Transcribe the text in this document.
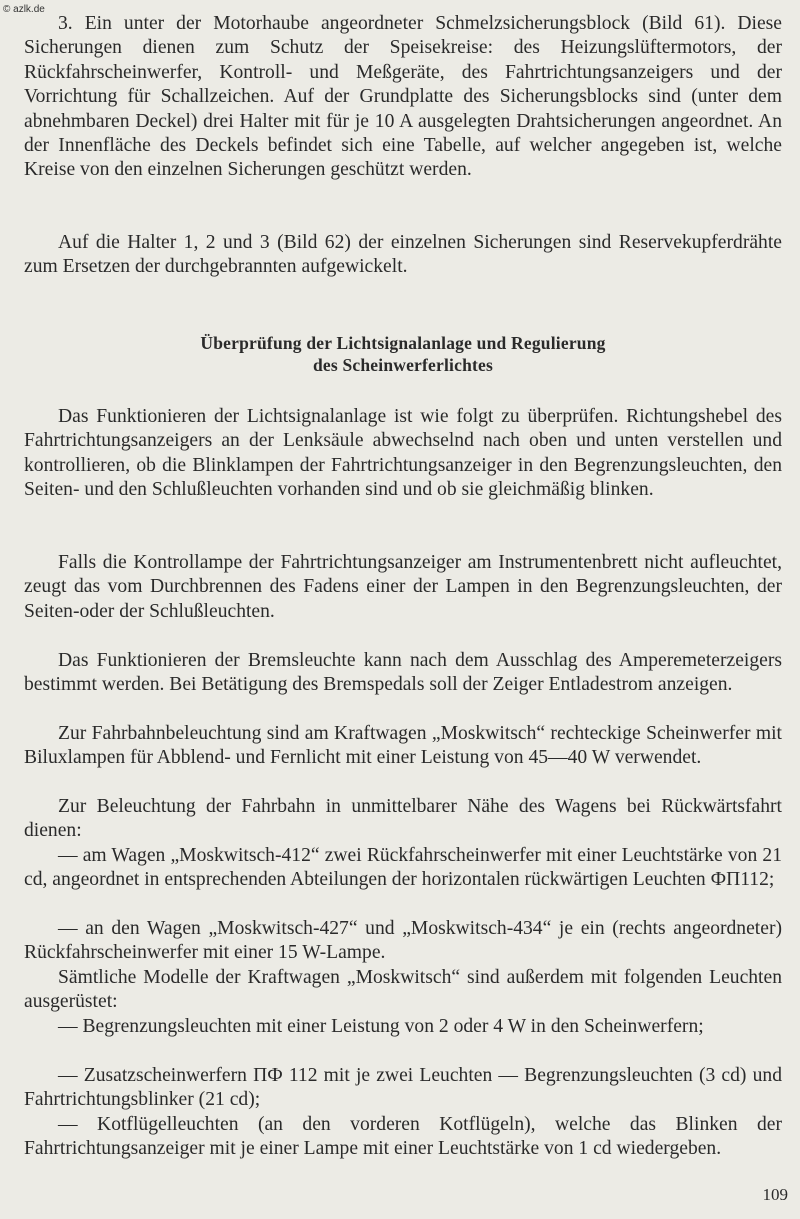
© azlk.de

3. Ein unter der Motorhaube angeordneter Schmelzsicherungsblock (Bild 61). Diese Sicherungen dienen zum Schutz der Speisekreise: des Heizungslüftermotors, der Rückfahrscheinwerfer, Kontroll- und Meßgeräte, des Fahrtrichtungsanzeigers und der Vorrichtung für Schallzeichen. Auf der Grundplatte des Sicherungsblocks sind (unter dem abnehmbaren Deckel) drei Halter mit für je 10 A ausgelegten Drahtsicherungen angeordnet. An der Innenfläche des Deckels befindet sich eine Tabelle, auf welcher angegeben ist, welche Kreise von den einzelnen Sicherungen geschützt werden.

Auf die Halter 1, 2 und 3 (Bild 62) der einzelnen Sicherungen sind Reservekupferdrähte zum Ersetzen der durchgebrannten aufgewickelt.

Überprüfung der Lichtsignalanlage und Regulierung

des Scheinwerferlichtes

Das Funktionieren der Lichtsignalanlage ist wie folgt zu überprüfen. Richtungshebel des Fahrtrichtungsanzeigers an der Lenksäule abwechselnd nach oben und unten verstellen und kontrollieren, ob die Blinklampen der Fahrtrichtungsanzeiger in den Begrenzungsleuchten, den Seiten- und den Schlußleuchten vorhanden sind und ob sie gleichmäßig blinken.

Falls die Kontrollampe der Fahrtrichtungsanzeiger am Instrumentenbrett nicht aufleuchtet, zeugt das vom Durchbrennen des Fadens einer der Lampen in den Begrenzungsleuchten, der Seiten-oder der Schlußleuchten.

Das Funktionieren der Bremsleuchte kann nach dem Ausschlag des Amperemeterzeigers bestimmt werden. Bei Betätigung des Bremspedals soll der Zeiger Entladestrom anzeigen.

Zur Fahrbahnbeleuchtung sind am Kraftwagen „Moskwitsch“ rechteckige Scheinwerfer mit Biluxlampen für Abblend- und Fernlicht mit einer Leistung von 45—40 W verwendet.

Zur Beleuchtung der Fahrbahn in unmittelbarer Nähe des Wagens bei Rückwärtsfahrt dienen:

— am Wagen „Moskwitsch-412“ zwei Rückfahrscheinwerfer mit einer Leuchtstärke von 21 cd, angeordnet in entsprechenden Abteilungen der horizontalen rückwärtigen Leuchten ФП112;

— an den Wagen „Moskwitsch-427“ und „Moskwitsch-434“ je ein (rechts angeordneter) Rückfahrscheinwerfer mit einer 15 W-Lampe.

Sämtliche Modelle der Kraftwagen „Moskwitsch“ sind außerdem mit folgenden Leuchten ausgerüstet:

— Begrenzungsleuchten mit einer Leistung von 2 oder 4 W in den Scheinwerfern;

— Zusatzscheinwerfern ПФ 112 mit je zwei Leuchten — Begrenzungsleuchten (3 cd) und Fahrtrichtungsblinker (21 cd);

— Kotflügelleuchten (an den vorderen Kotflügeln), welche das Blinken der Fahrtrichtungsanzeiger mit je einer Lampe mit einer Leuchtstärke von 1 cd wiedergeben.

109
